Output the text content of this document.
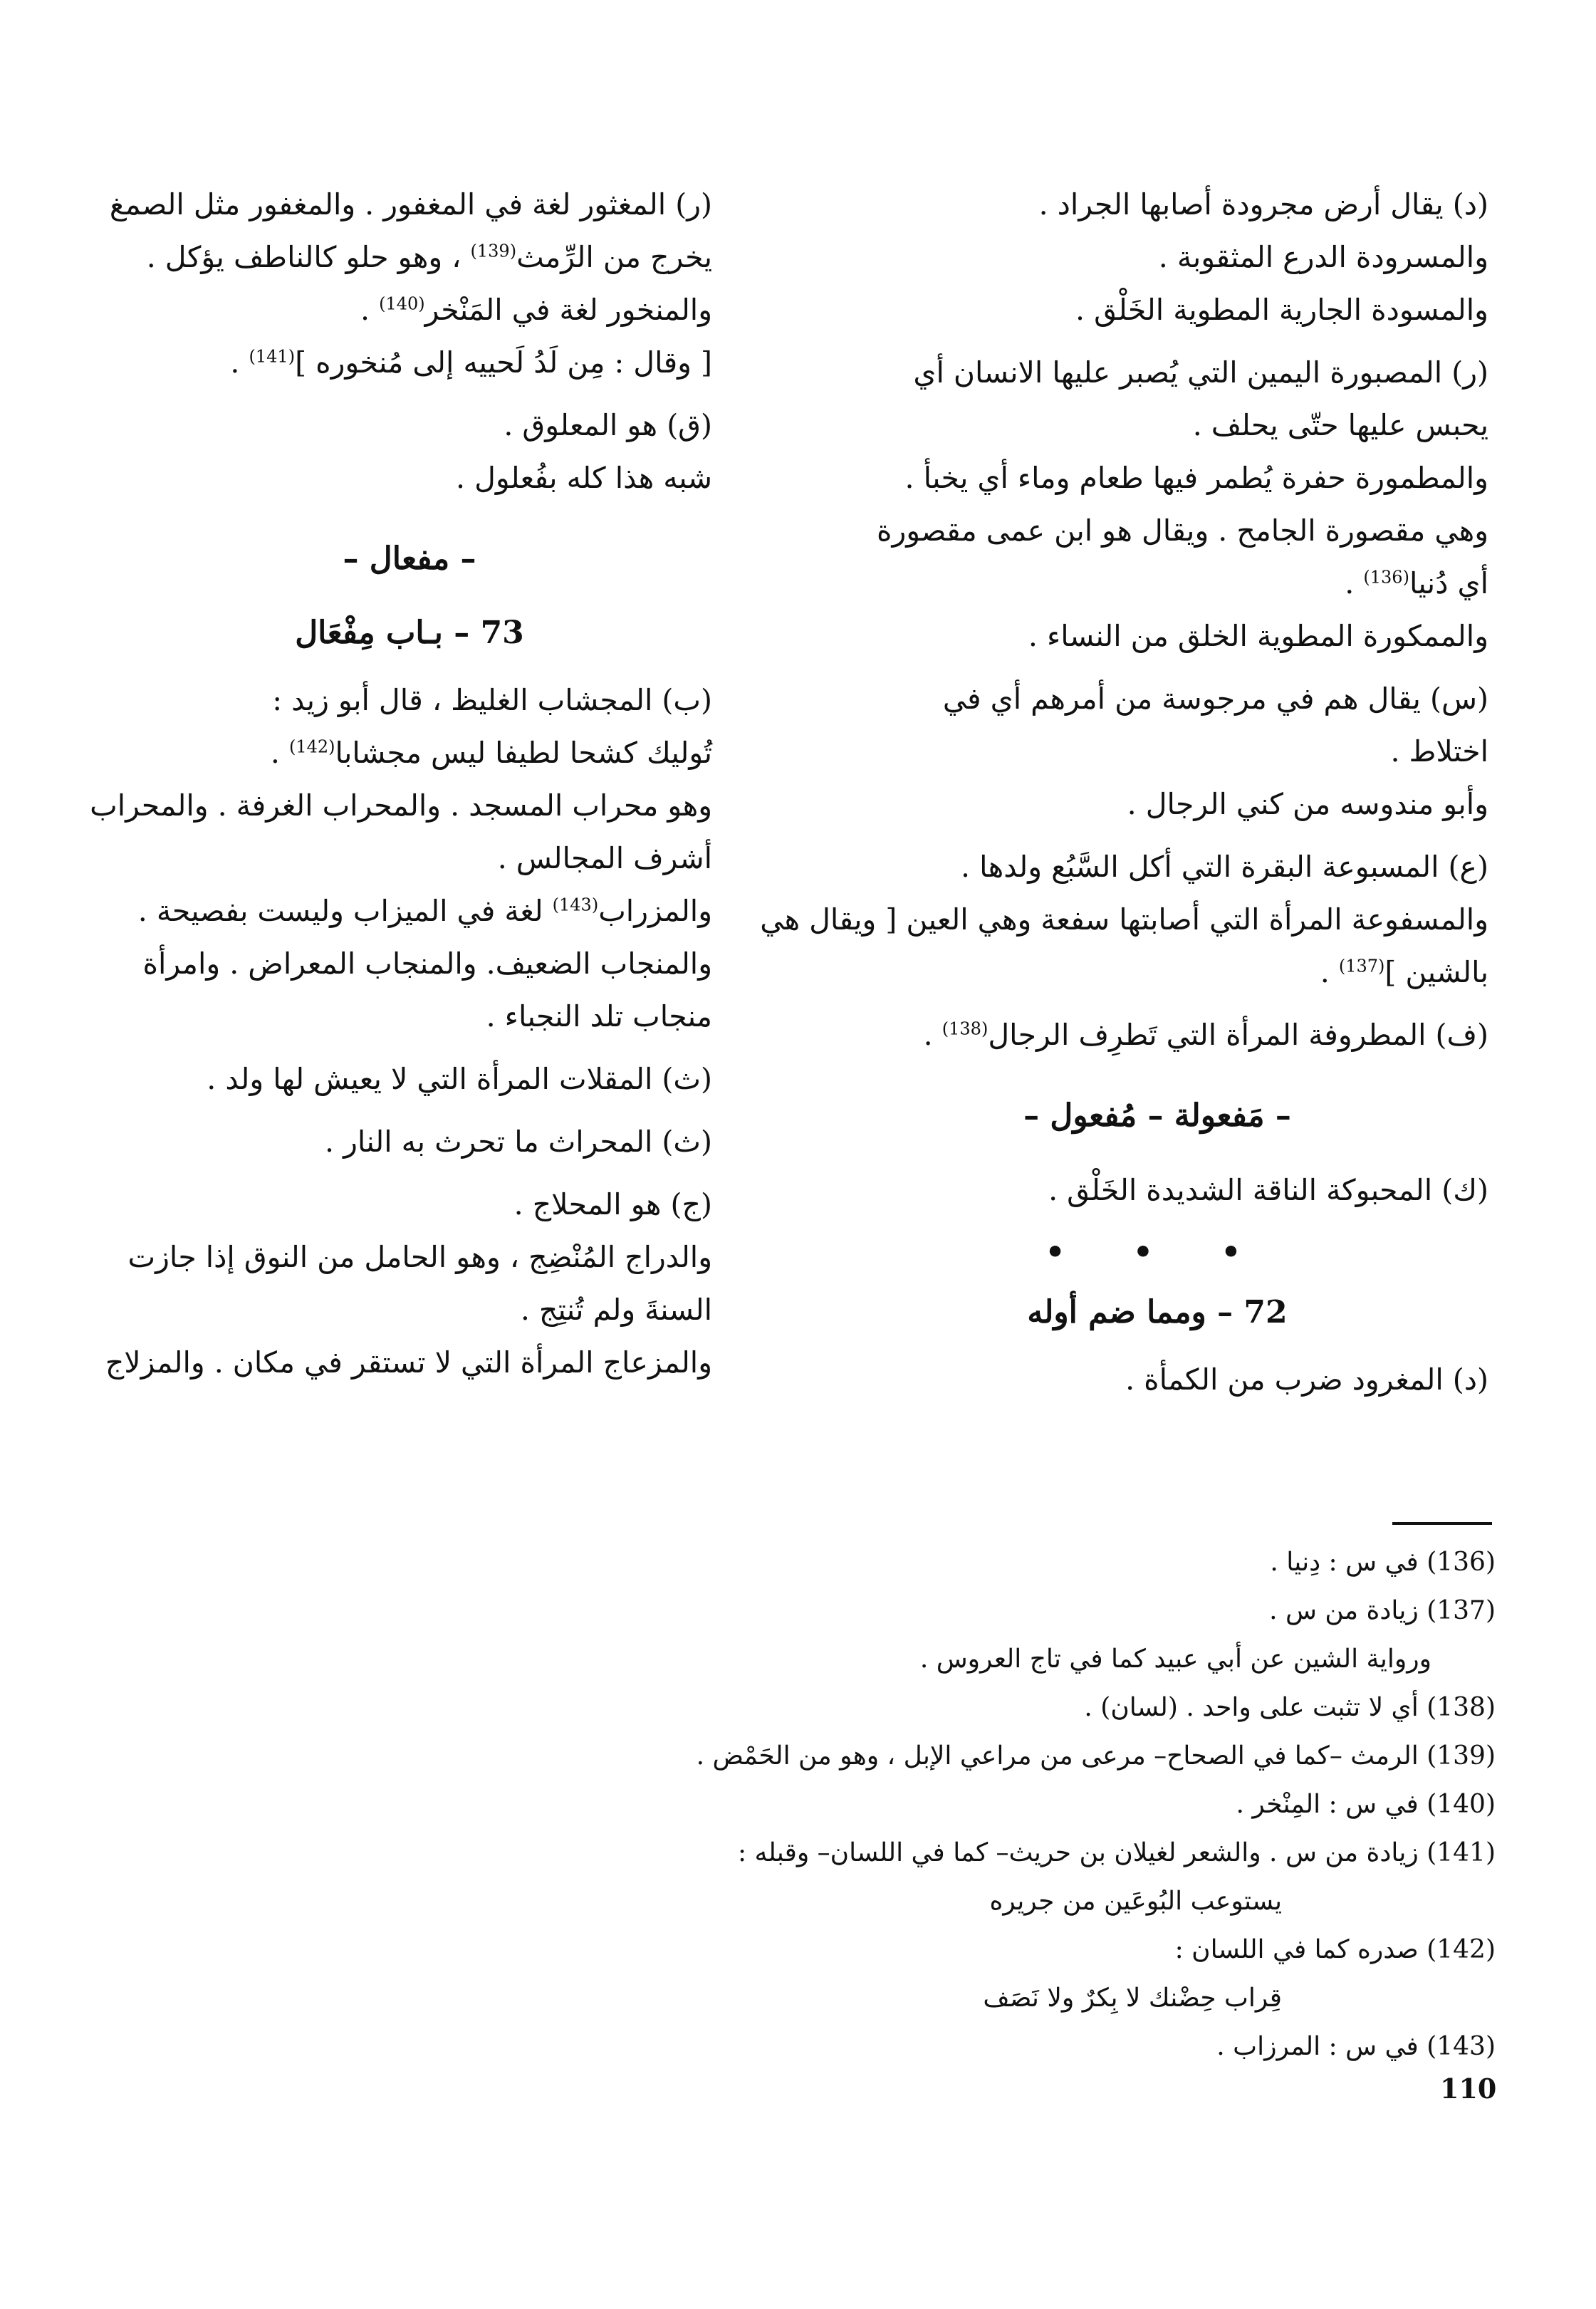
(د) يقال أرض مجرودة أصابها الجراد .
والمسرودة الدرع المثقوبة .
والمسودة الجارية المطوية الخَلْق .
(ر) المصبورة اليمين التي يُصبر عليها الانسان أي
يحبس عليها حتّى يحلف .
والمطمورة حفرة يُطمر فيها طعام وماء أي يخبأ .
وهي مقصورة الجامح . ويقال هو ابن عمى مقصورة
أي دُنيا$^{(136)}$ .
والممكورة المطوية الخلق من النساء .
(س) يقال هم في مرجوسة من أمرهم أي في
اختلاط .
وأبو مندوسه من كني الرجال .
(ع) المسبوعة البقرة التي أكل السَّبُع ولدها .
والمسفوعة المرأة التي أصابتها سفعة وهي العين [ ويقال هي
بالشين ]$^{(137)}$ .
(ف) المطروفة المرأة التي تَطرِف الرجال$^{(138)}$ .
– مَفعولة – مُفعول –
(ك) المحبوكة الناقة الشديدة الخَلْق .
• • •
72 – ومما ضم أوله
(د) المغرود ضرب من الكمأة .
(ر) المغثور لغة في المغفور . والمغفور مثل الصمغ
يخرج من الرِّمث$^{(139)}$ ، وهو حلو كالناطف يؤكل .
والمنخور لغة في المَنْخر$^{(140)}$ .
[ وقال : مِن لَدُ لَحييه إلى مُنخوره ]$^{(141)}$ .
(ق) هو المعلوق .
شبه هذا كله بفُعلول .
– مفعال –
73 – بـاب مِفْعَال
(ب) المجشاب الغليظ ، قال أبو زيد :
تُوليك كشحا لطيفا ليس مجشابا$^{(142)}$ .
وهو محراب المسجد . والمحراب الغرفة . والمحراب
أشرف المجالس .
والمزراب$^{(143)}$ لغة في الميزاب وليست بفصيحة .
والمنجاب الضعيف. والمنجاب المعراض . وامرأة
منجاب تلد النجباء .
(ث) المقلات المرأة التي لا يعيش لها ولد .
(ث) المحراث ما تحرث به النار .
(ج) هو المحلاج .
والدراج المُنْضِج ، وهو الحامل من النوق إذا جازت
السنةَ ولم تُنتِج .
والمزعاج المرأة التي لا تستقر في مكان . والمزلاج
(136) في س : دِنيا .
(137) زيادة من س .
ورواية الشين عن أبي عبيد كما في تاج العروس .
(138) أي لا تثبت على واحد . (لسان) .
(139) الرمث –كما في الصحاح– مرعى من مراعي الإبل ، وهو من الحَمْض .
(140) في س : المِنْخر .
(141) زيادة من س . والشعر لغيلان بن حريث– كما في اللسان– وقبله :
يستوعب البُوعَين من جريره
(142) صدره كما في اللسان :
قِراب حِضْنك لا بِكرٌ ولا نَصَف
(143) في س : المرزاب .
110
